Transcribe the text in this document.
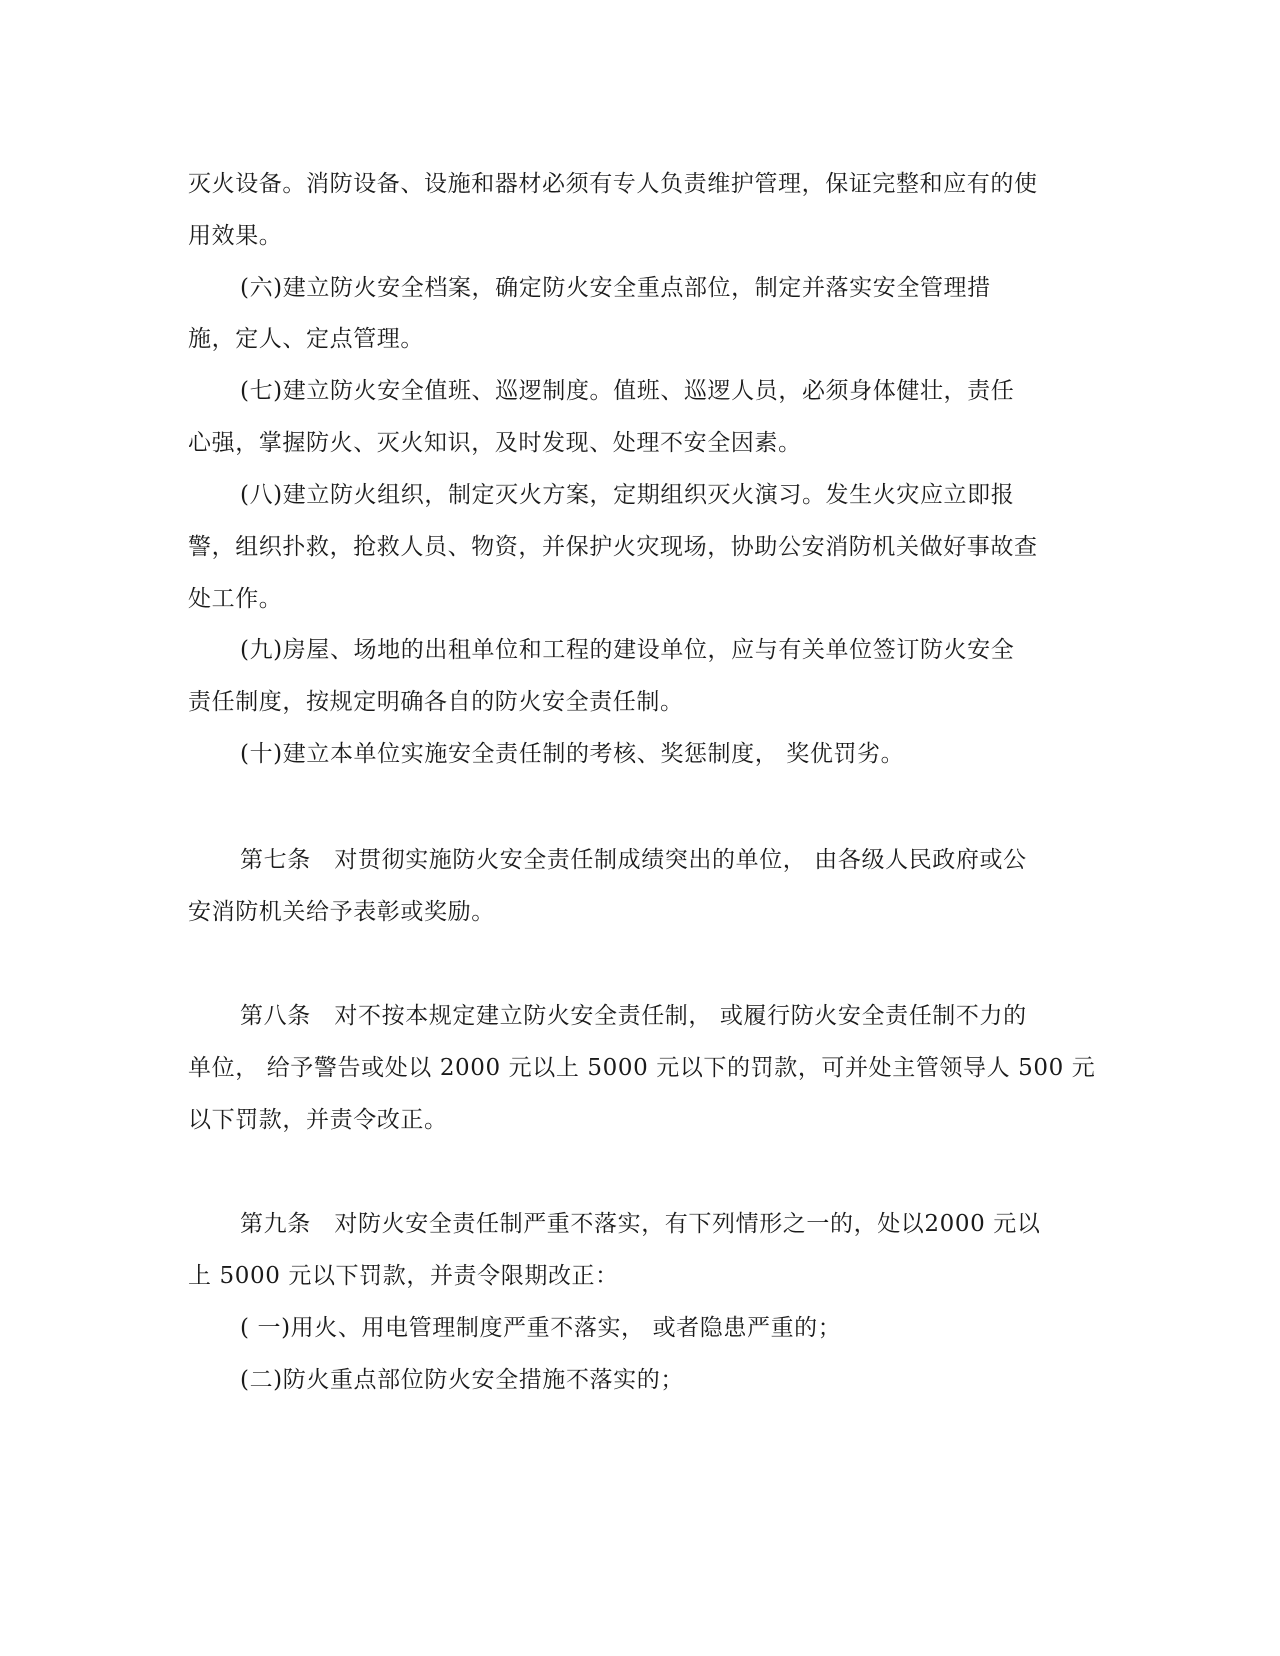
灭火设备。消防设备、设施和器材必须有专人负责维护管理，保证完整和应有的使
用效果。
(六)建立防火安全档案，确定防火安全重点部位，制定并落实安全管理措
施，定人、定点管理。
(七)建立防火安全值班、巡逻制度。值班、巡逻人员，必须身体健壮，责任
心强，掌握防火、灭火知识，及时发现、处理不安全因素。
(八)建立防火组织，制定灭火方案，定期组织灭火演习。发生火灾应立即报
警，组织扑救，抢救人员、物资，并保护火灾现场，协助公安消防机关做好事故查
处工作。
(九)房屋、场地的出租单位和工程的建设单位，应与有关单位签订防火安全
责任制度，按规定明确各自的防火安全责任制。
(十)建立本单位实施安全责任制的考核、奖惩制度， 奖优罚劣。
第七条　对贯彻实施防火安全责任制成绩突出的单位， 由各级人民政府或公
安消防机关给予表彰或奖励。
第八条　对不按本规定建立防火安全责任制， 或履行防火安全责任制不力的
单位， 给予警告或处以 2000 元以上 5000 元以下的罚款，可并处主管领导人 500 元
以下罚款，并责令改正。
第九条　对防火安全责任制严重不落实，有下列情形之一的，处以2000 元以
上 5000 元以下罚款，并责令限期改正：
( 一)用火、用电管理制度严重不落实， 或者隐患严重的；
(二)防火重点部位防火安全措施不落实的；
